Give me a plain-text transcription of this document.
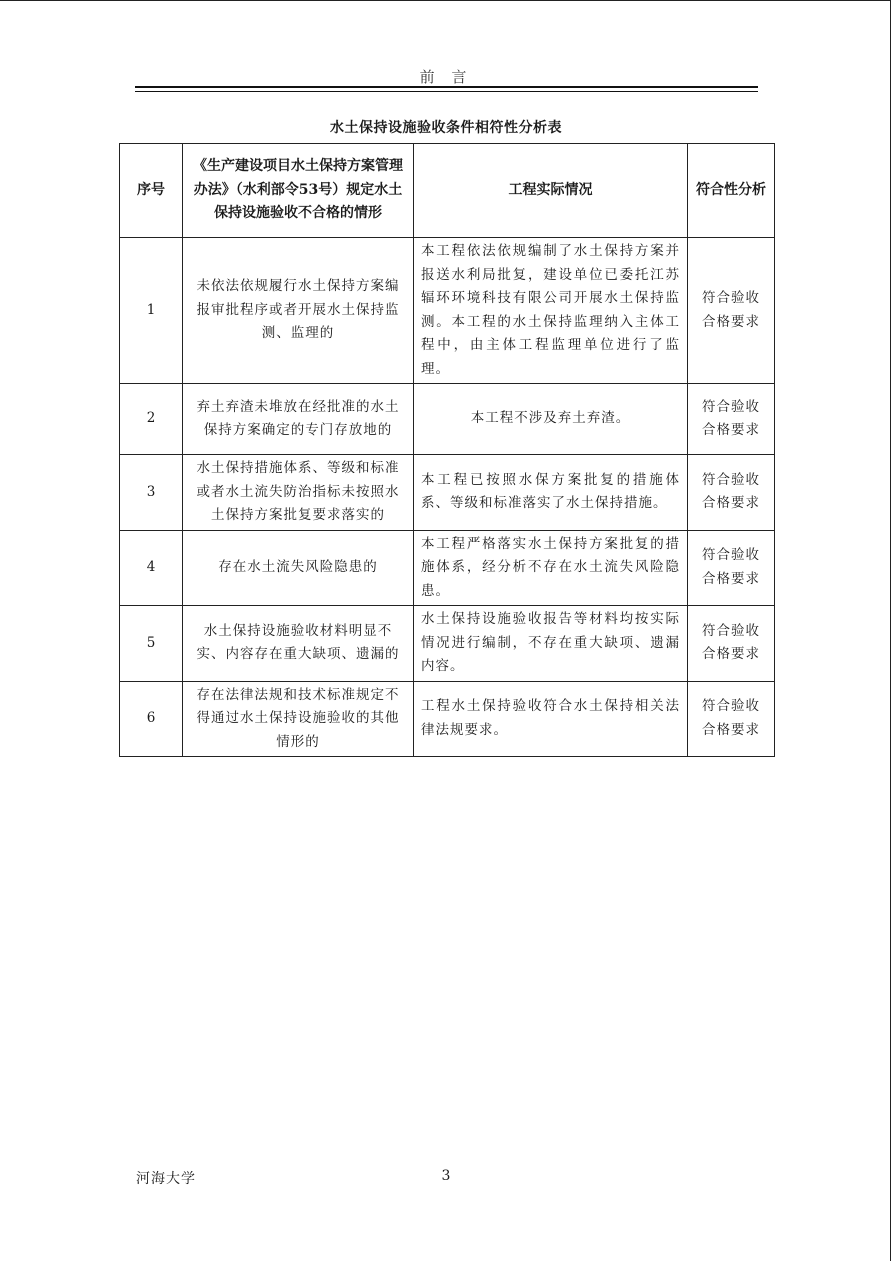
前 言
水土保持设施验收条件相符性分析表
序号	《生产建设项目水土保持方案管理办法》（水利部令53号）规定水土保持设施验收不合格的情形	工程实际情况	符合性分析
1	未依法依规履行水土保持方案编报审批程序或者开展水土保持监测、监理的	本工程依法依规编制了水土保持方案并报送水利局批复，建设单位已委托江苏辐环环境科技有限公司开展水土保持监测。本工程的水土保持监理纳入主体工程中，由主体工程监理单位进行了监理。	符合验收合格要求
2	弃土弃渣未堆放在经批准的水土保持方案确定的专门存放地的	本工程不涉及弃土弃渣。	符合验收合格要求
3	水土保持措施体系、等级和标准或者水土流失防治指标未按照水土保持方案批复要求落实的	本工程已按照水保方案批复的措施体系、等级和标准落实了水土保持措施。	符合验收合格要求
4	存在水土流失风险隐患的	本工程严格落实水土保持方案批复的措施体系，经分析不存在水土流失风险隐患。	符合验收合格要求
5	水土保持设施验收材料明显不实、内容存在重大缺项、遗漏的	水土保持设施验收报告等材料均按实际情况进行编制，不存在重大缺项、遗漏内容。	符合验收合格要求
6	存在法律法规和技术标准规定不得通过水土保持设施验收的其他情形的	工程水土保持验收符合水土保持相关法律法规要求。	符合验收合格要求
河海大学	3
